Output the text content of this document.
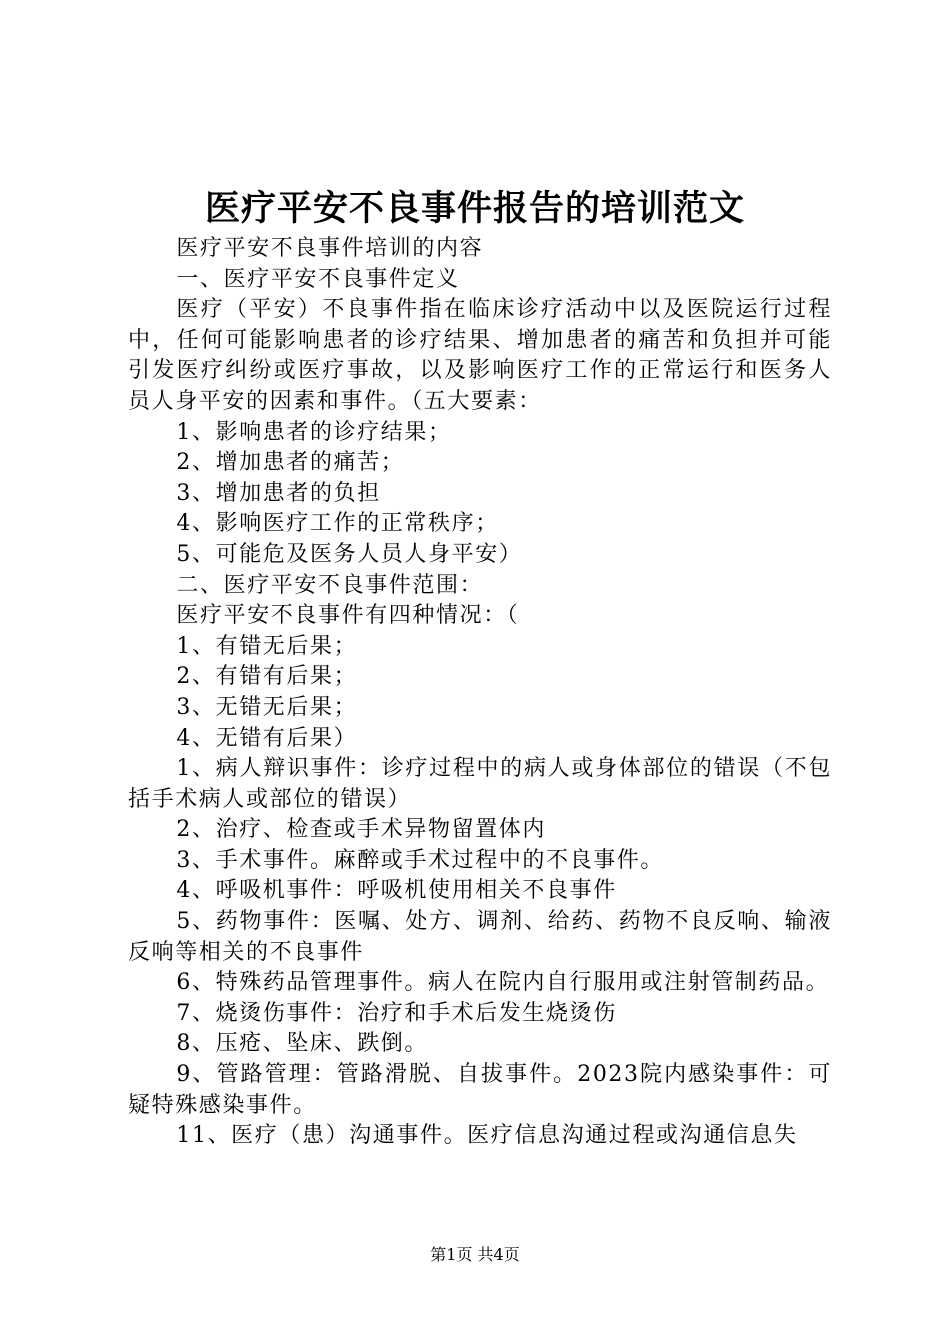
医疗平安不良事件报告的培训范文

医疗平安不良事件培训的内容

一、医疗平安不良事件定义

医疗（平安）不良事件指在临床诊疗活动中以及医院运行过程中，任何可能影响患者的诊疗结果、增加患者的痛苦和负担并可能引发医疗纠纷或医疗事故，以及影响医疗工作的正常运行和医务人员人身平安的因素和事件。（五大要素：

1、影响患者的诊疗结果；

2、增加患者的痛苦；

3、增加患者的负担

4、影响医疗工作的正常秩序；

5、可能危及医务人员人身平安）

二、医疗平安不良事件范围：

医疗平安不良事件有四种情况：（

1、有错无后果；

2、有错有后果；

3、无错无后果；

4、无错有后果）

1、病人辩识事件：诊疗过程中的病人或身体部位的错误（不包括手术病人或部位的错误）

2、治疗、检查或手术异物留置体内

3、手术事件。麻醉或手术过程中的不良事件。

4、呼吸机事件：呼吸机使用相关不良事件

5、药物事件：医嘱、处方、调剂、给药、药物不良反响、输液反响等相关的不良事件

6、特殊药品管理事件。病人在院内自行服用或注射管制药品。

7、烧烫伤事件：治疗和手术后发生烧烫伤

8、压疮、坠床、跌倒。

9、管路管理：管路滑脱、自拔事件。2023院内感染事件：可疑特殊感染事件。

11、医疗（患）沟通事件。医疗信息沟通过程或沟通信息失

第1页 共4页
